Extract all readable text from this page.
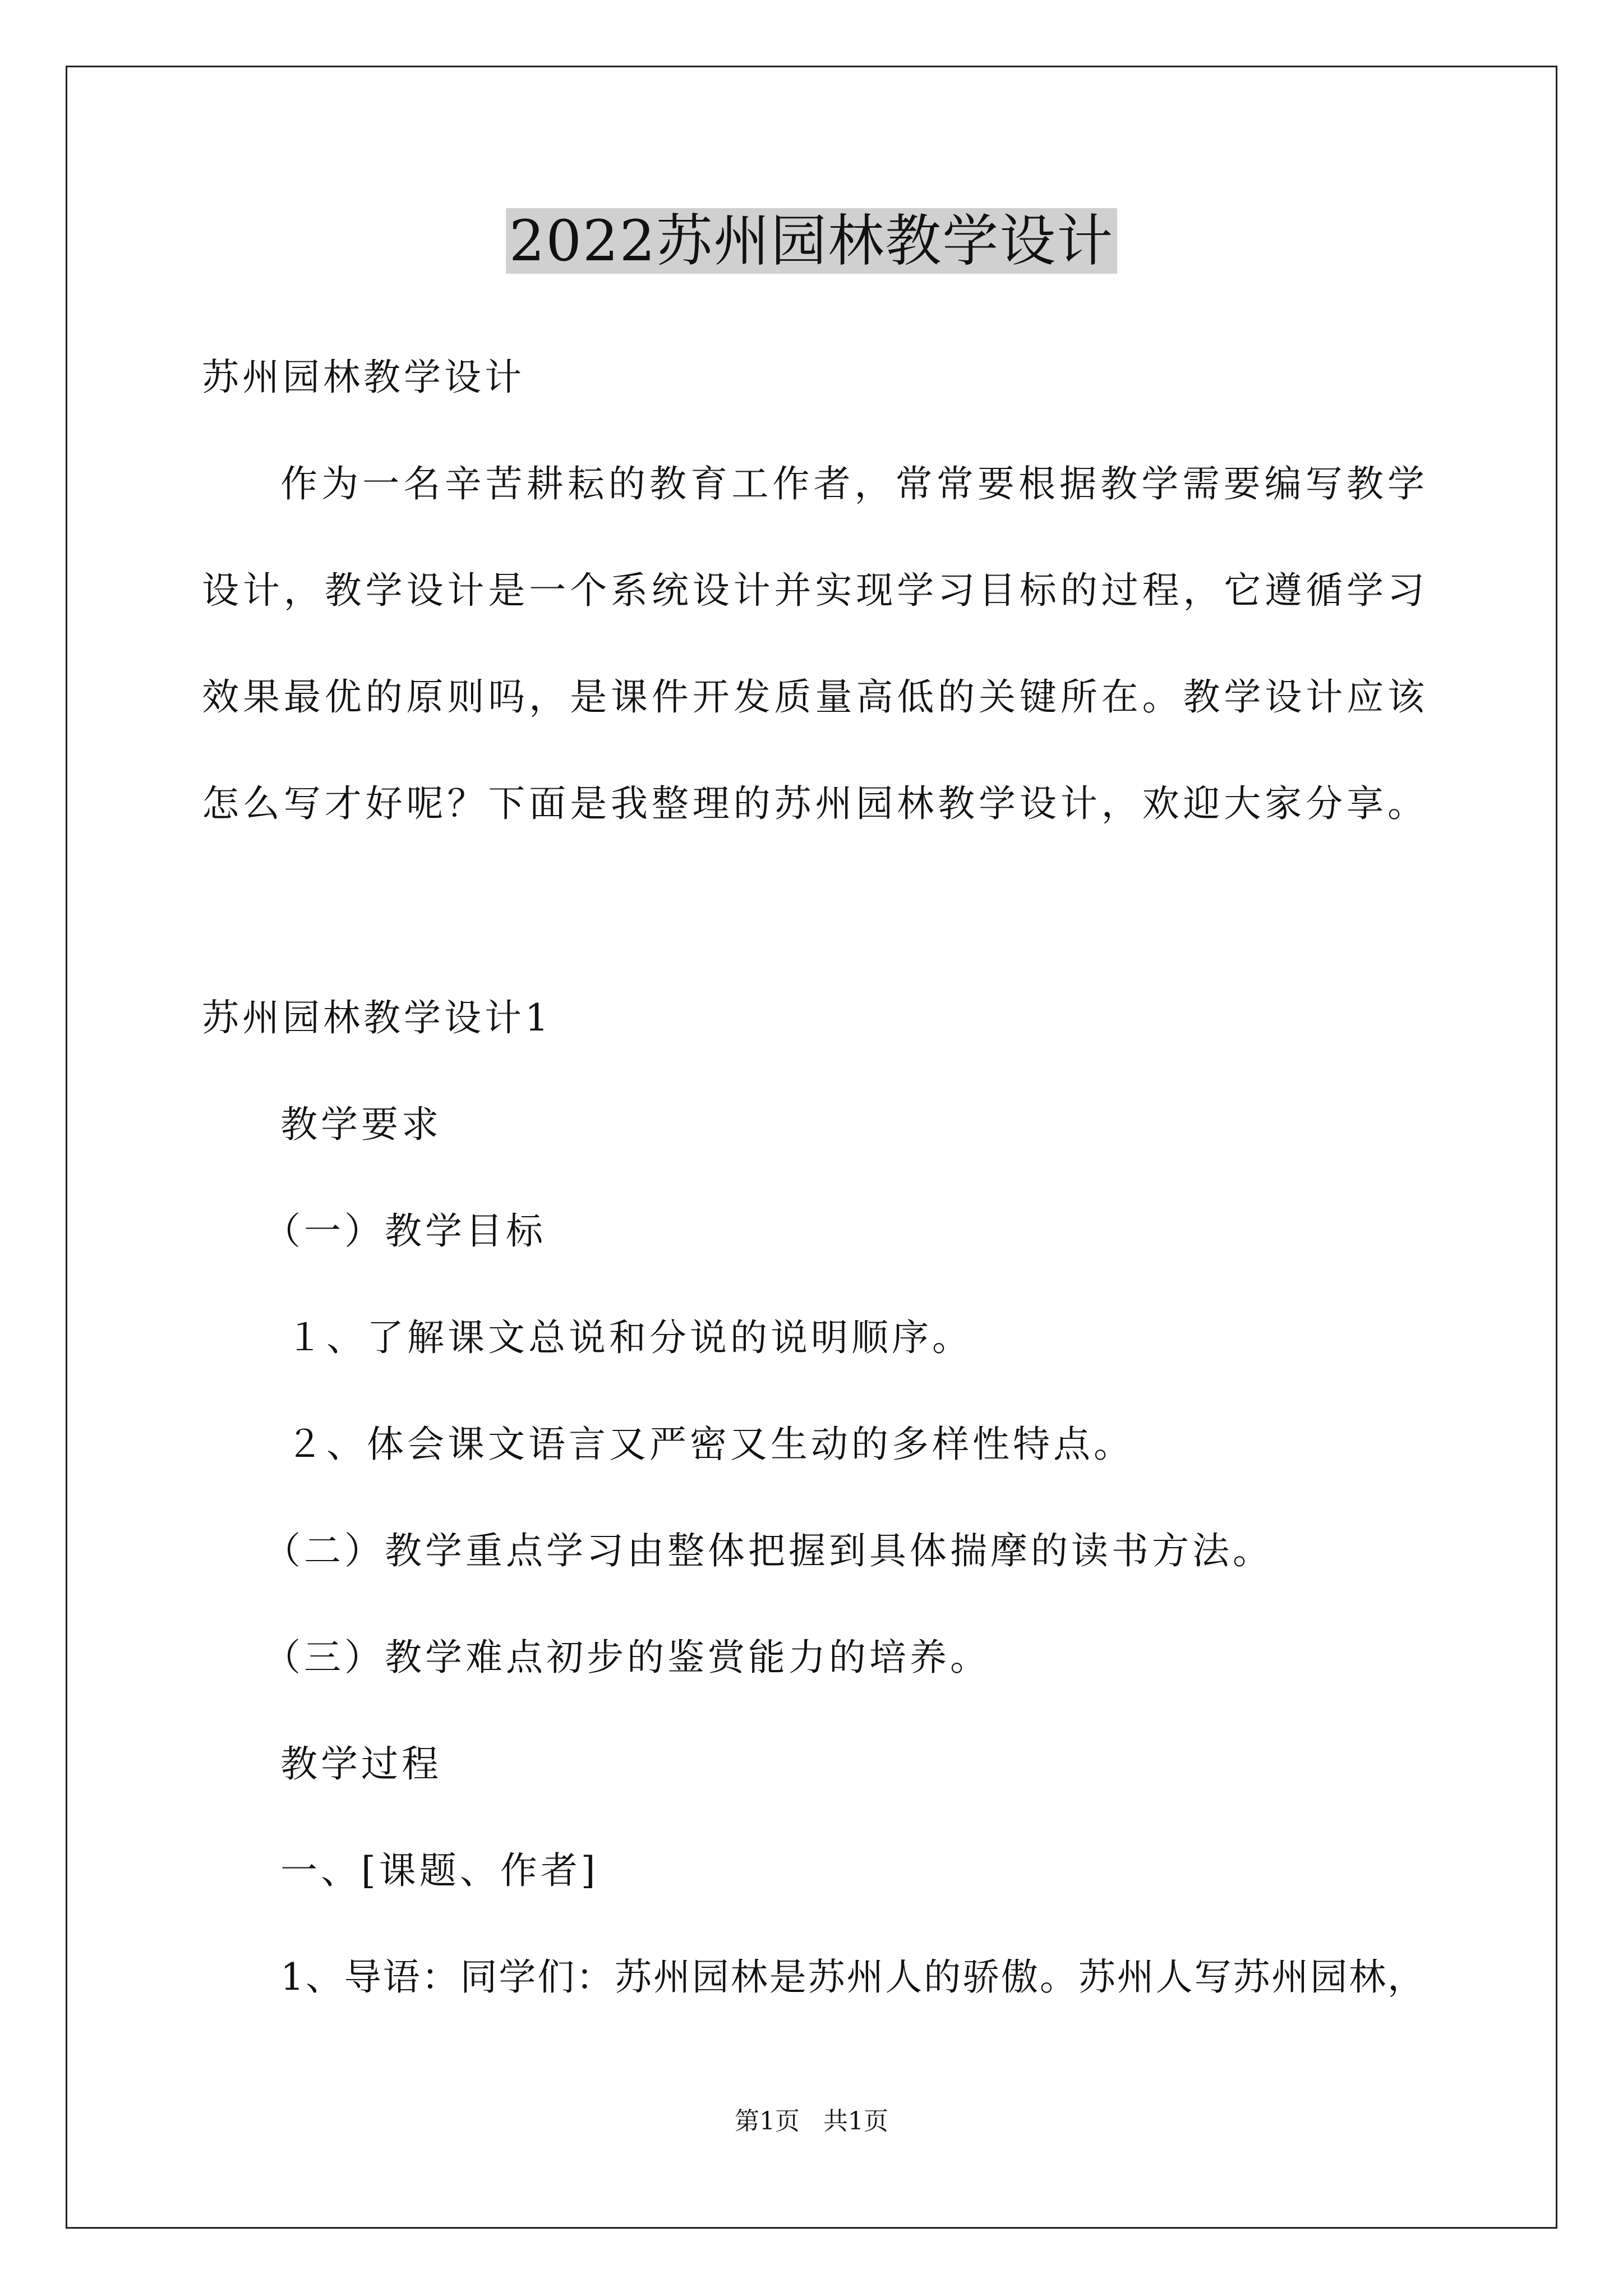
2022苏州园林教学设计
苏州园林教学设计
作为一名辛苦耕耘的教育工作者，常常要根据教学需要编写教学
设计，教学设计是一个系统设计并实现学习目标的过程，它遵循学习
效果最优的原则吗，是课件开发质量高低的关键所在。教学设计应该
怎么写才好呢？下面是我整理的苏州园林教学设计，欢迎大家分享。
苏州园林教学设计1
教学要求
（一）教学目标
１、了解课文总说和分说的说明顺序。
２、体会课文语言又严密又生动的多样性特点。
（二）教学重点学习由整体把握到具体揣摩的读书方法。
（三）教学难点初步的鉴赏能力的培养。
教学过程
一、[课题、作者]
1、导语：同学们：苏州园林是苏州人的骄傲。苏州人写苏州园林，
第1页   共1页
